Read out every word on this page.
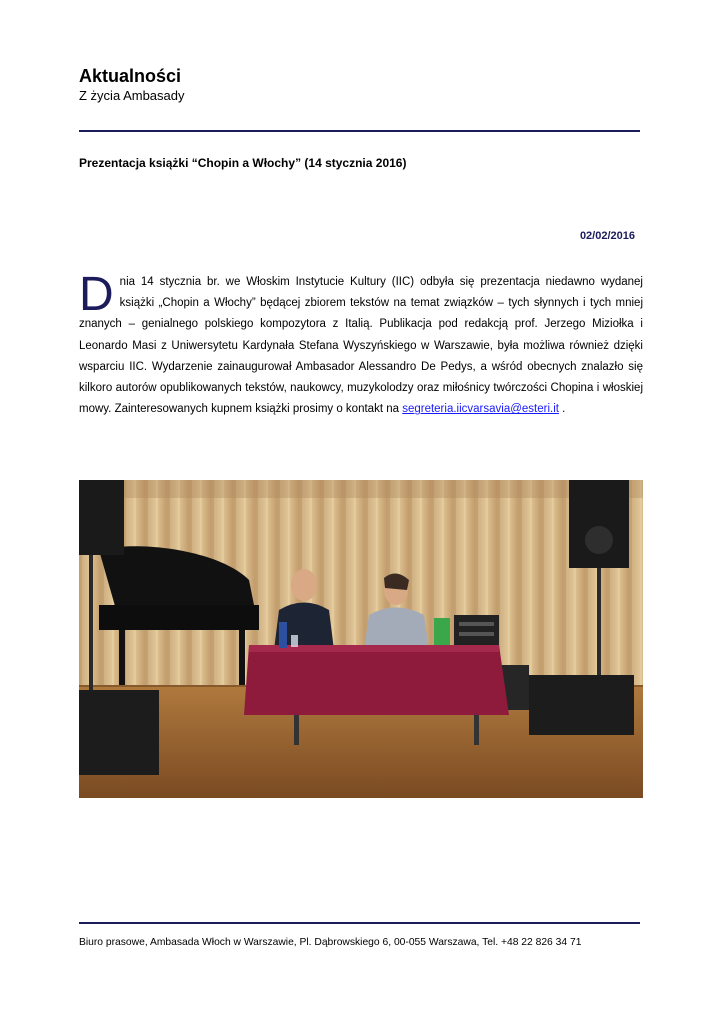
Aktualności
Z życia Ambasady
Prezentacja książki “Chopin a Włochy” (14 stycznia 2016)
02/02/2016

Dnia 14 stycznia br. we Włoskim Instytucie Kultury (IIC) odbyła się prezentacja niedawno wydanej książki „Chopin a Włochy” będącej zbiorem tekstów na temat związków – tych słynnych i tych mniej znanych – genialnego polskiego kompozytora z Italią. Publikacja pod redakcją prof. Jerzego Miziołka i Leonardo Masi z Uniwersytetu Kardynała Stefana Wyszyńskiego w Warszawie, była możliwa również dzięki wsparciu IIC. Wydarzenie zainaugurował Ambasador Alessandro De Pedys, a wśród obecnych znalazło się kilkoro autorów opublikowanych tekstów, naukowcy, muzykolodzy oraz miłośnicy twórczości Chopina i włoskiej mowy. Zainteresowanych kupnem książki prosimy o kontakt na segreteria.iicvarsavia@esteri.it .

Biuro prasowe, Ambasada Włoch w Warszawie, Pl. Dąbrowskiego 6, 00-055 Warszawa, Tel. +48 22 826 34 71
